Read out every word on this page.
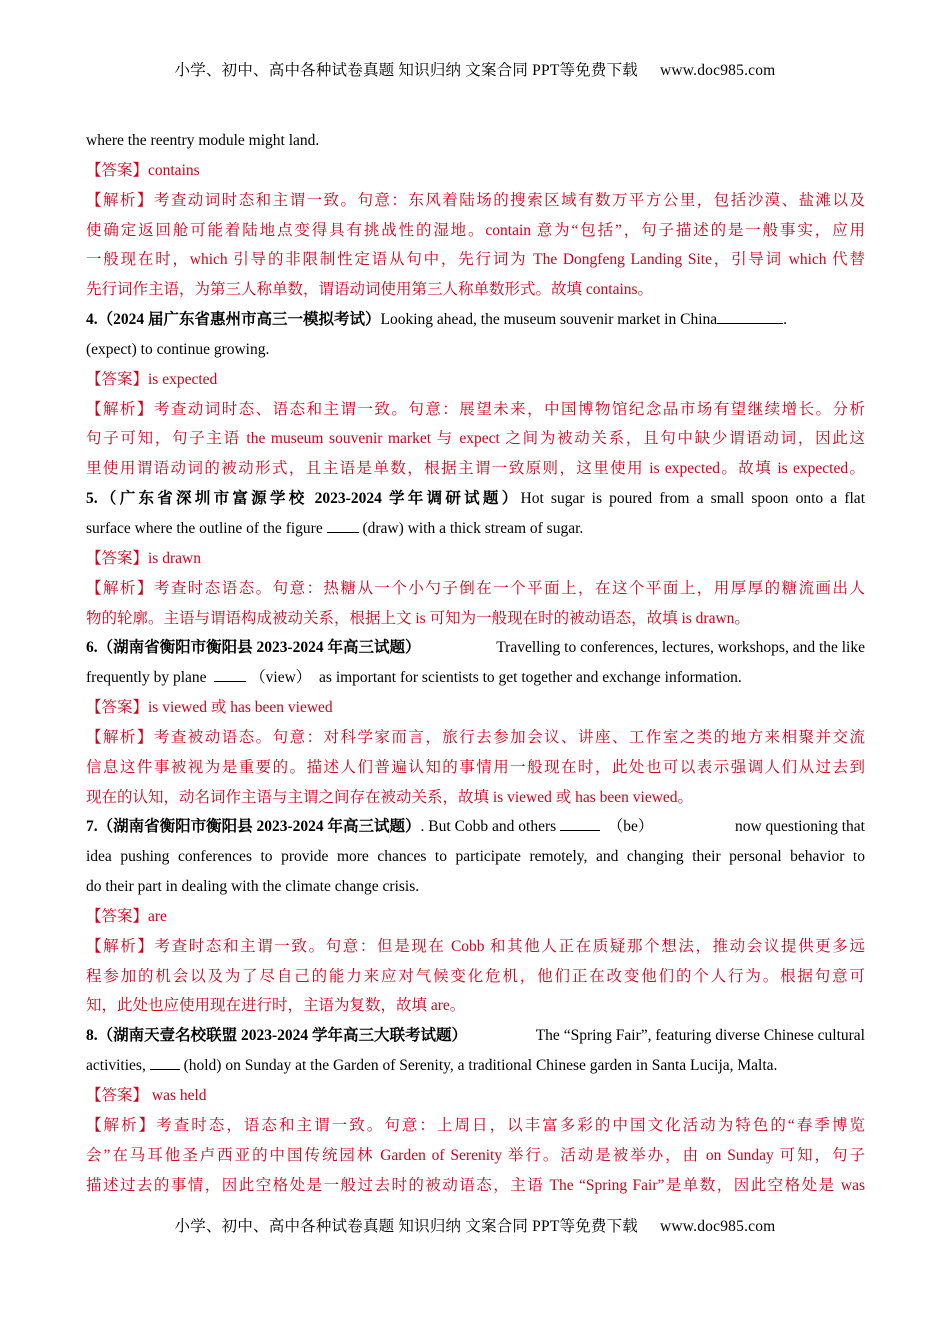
小学、初中、高中各种试卷真题 知识归纳 文案合同 PPT等免费下载 www.doc985.com
where the reentry module might land.
【答案】contains
【解析】考查动词时态和主谓一致。句意：东风着陆场的搜索区域有数万平方公里，包括沙漠、盐滩以及
使确定返回舱可能着陆地点变得具有挑战性的湿地。contain 意为“包括”，句子描述的是一般事实，应用
一般现在时，which 引导的非限制性定语从句中，先行词为 The Dongfeng Landing Site，引导词 which 代替
先行词作主语，为第三人称单数，谓语动词使用第三人称单数形式。故填 contains。
4.（2024 届广东省惠州市高三一模拟考试）Looking ahead, the museum souvenir market in China	.
(expect) to continue growing.
【答案】is expected
【解析】考查动词时态、语态和主谓一致。句意：展望未来，中国博物馆纪念品市场有望继续增长。分析
句子可知，句子主语 the museum souvenir market 与 expect 之间为被动关系，且句中缺少谓语动词，因此这
里使用谓语动词的被动形式，且主语是单数，根据主谓一致原则，这里使用 is expected。故填 is expected。
5.（广东省深圳市富源学校 2023-2024 学年调研试题）Hot sugar is poured from a small spoon onto a flat
surface where the outline of the figure	(draw) with a thick stream of sugar.
【答案】is drawn
【解析】考查时态语态。句意：热糖从一个小勺子倒在一个平面上，在这个平面上，用厚厚的糖流画出人
物的轮廓。主语与谓语构成被动关系，根据上文 is 可知为一般现在时的被动语态，故填 is drawn。
6.（湖南省衡阳市衡阳县 2023-2024 年高三试题）	Travelling to conferences, lectures, workshops, and the like
frequently by plane	（view） as important for scientists to get together and exchange information.
【答案】is viewed 或 has been viewed
【解析】考查被动语态。句意：对科学家而言，旅行去参加会议、讲座、工作室之类的地方来相聚并交流
信息这件事被视为是重要的。描述人们普遍认知的事情用一般现在时，此处也可以表示强调人们从过去到
现在的认知，动名词作主语与主谓之间存在被动关系，故填 is viewed 或 has been viewed。
7.（湖南省衡阳市衡阳县 2023-2024 年高三试题）. But Cobb and others	（be）	now questioning that
idea pushing conferences to provide more chances to participate remotely, and changing their personal behavior to
do their part in dealing with the climate change crisis.
【答案】are
【解析】考查时态和主谓一致。句意：但是现在 Cobb 和其他人正在质疑那个想法，推动会议提供更多远
程参加的机会以及为了尽自己的能力来应对气候变化危机，他们正在改变他们的个人行为。根据句意可
知，此处也应使用现在进行时，主语为复数，故填 are。
8.（湖南天壹名校联盟 2023-2024 学年高三大联考试题）	The “Spring Fair”, featuring diverse Chinese cultural
activities, (hold) on Sunday at the Garden of Serenity, a traditional Chinese garden in Santa Lucija, Malta.
【答案】 was held
【解析】考查时态，语态和主谓一致。句意：上周日，以丰富多彩的中国文化活动为特色的“春季博览
会”在马耳他圣卢西亚的中国传统园林 Garden of Serenity 举行。活动是被举办，由 on Sunday 可知，句子
描述过去的事情，因此空格处是一般过去时的被动语态，主语 The “Spring Fair”是单数，因此空格处是 was
小学、初中、高中各种试卷真题 知识归纳 文案合同 PPT等免费下载 www.doc985.com
